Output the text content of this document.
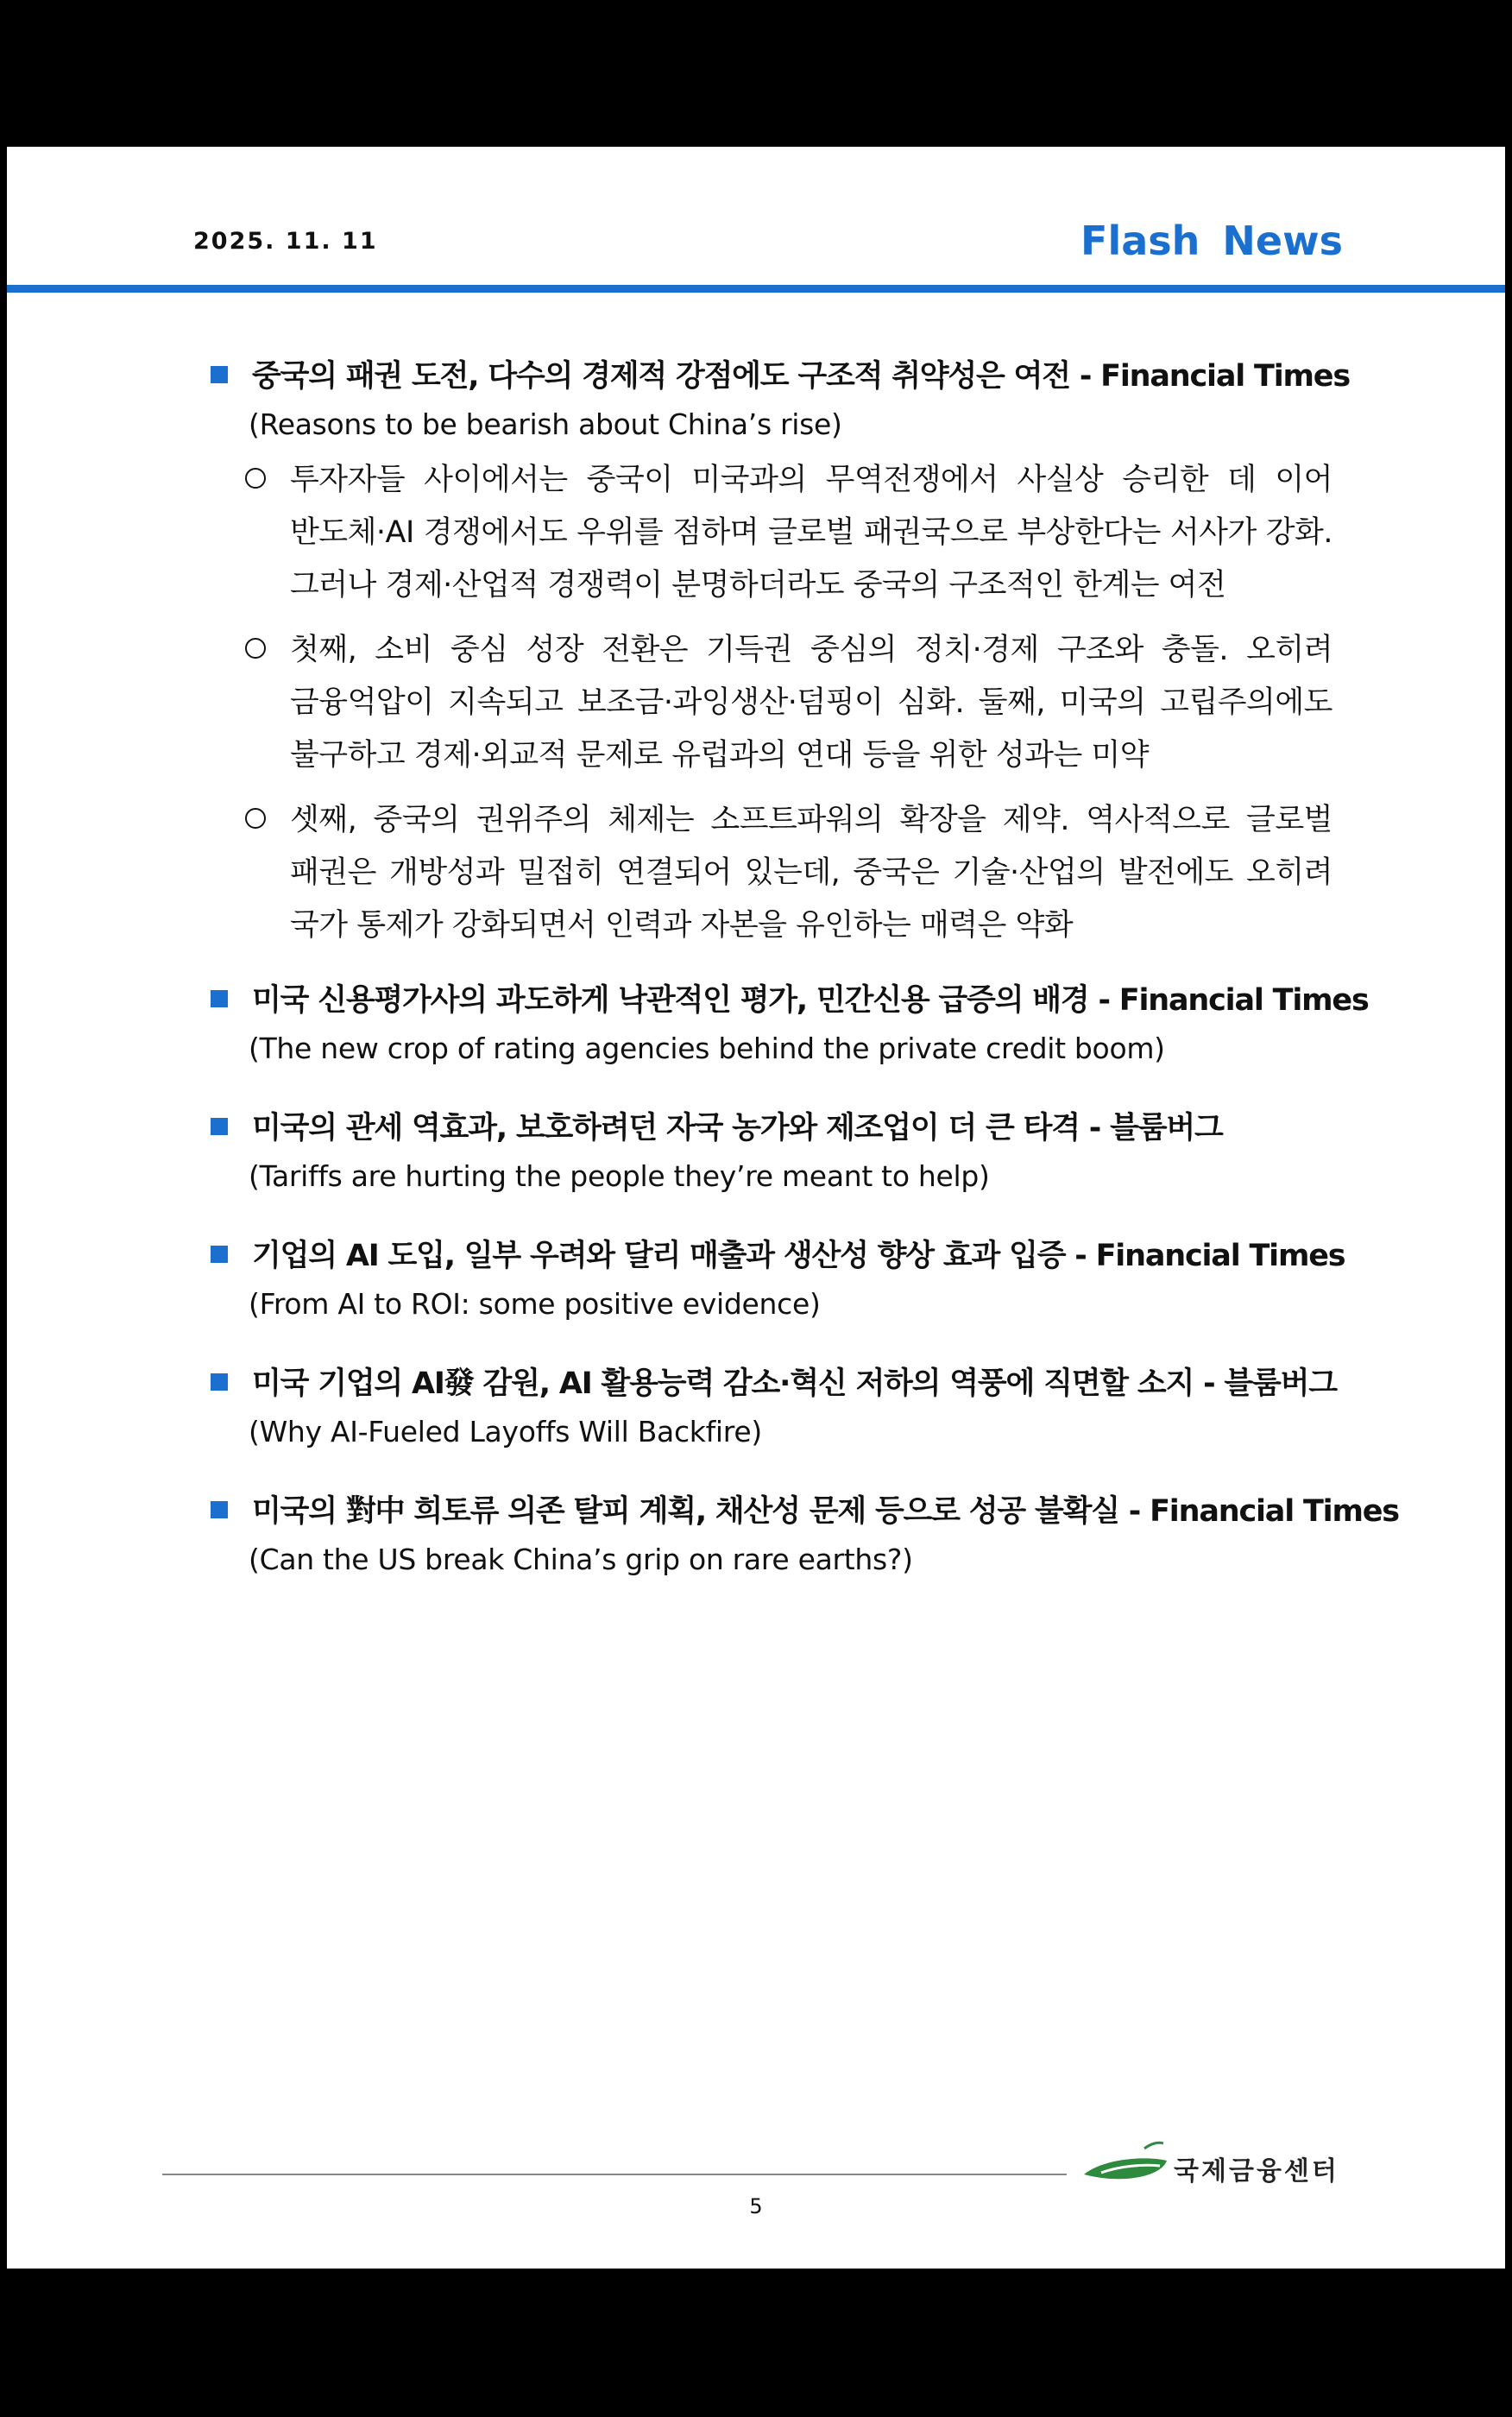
2025. 11. 11	Flash News
중국의 패권 도전, 다수의 경제적 강점에도 구조적 취약성은 여전 - Financial Times
(Reasons to be bearish about China’s rise)
투자자들 사이에서는 중국이 미국과의 무역전쟁에서 사실상 승리한 데 이어
반도체·AI 경쟁에서도 우위를 점하며 글로벌 패권국으로 부상한다는 서사가 강화.
그러나 경제·산업적 경쟁력이 분명하더라도 중국의 구조적인 한계는 여전
첫째, 소비 중심 성장 전환은 기득권 중심의 정치·경제 구조와 충돌. 오히려
금융억압이 지속되고 보조금·과잉생산·덤핑이 심화. 둘째, 미국의 고립주의에도
불구하고 경제·외교적 문제로 유럽과의 연대 등을 위한 성과는 미약
셋째, 중국의 권위주의 체제는 소프트파워의 확장을 제약. 역사적으로 글로벌
패권은 개방성과 밀접히 연결되어 있는데, 중국은 기술·산업의 발전에도 오히려
국가 통제가 강화되면서 인력과 자본을 유인하는 매력은 약화
미국 신용평가사의 과도하게 낙관적인 평가, 민간신용 급증의 배경 - Financial Times
(The new crop of rating agencies behind the private credit boom)
미국의 관세 역효과, 보호하려던 자국 농가와 제조업이 더 큰 타격 - 블룸버그
(Tariffs are hurting the people they’re meant to help)
기업의 AI 도입, 일부 우려와 달리 매출과 생산성 향상 효과 입증 - Financial Times
(From AI to ROI: some positive evidence)
미국 기업의 AI發 감원, AI 활용능력 감소·혁신 저하의 역풍에 직면할 소지 - 블룸버그
(Why AI-Fueled Layoffs Will Backfire)
미국의 對中 희토류 의존 탈피 계획, 채산성 문제 등으로 성공 불확실 - Financial Times
(Can the US break China’s grip on rare earths?)
국제금융센터
5
